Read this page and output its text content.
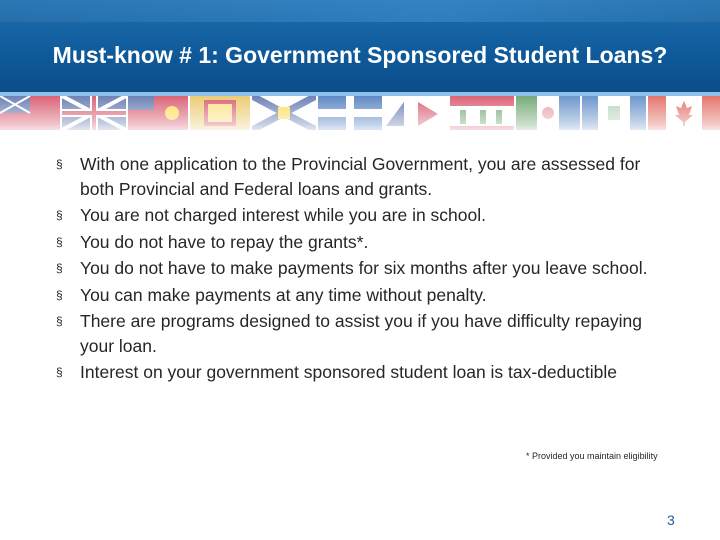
Must-know # 1: Government Sponsored Student Loans?
§ With one application to the Provincial Government, you are assessed for both Provincial and Federal loans and grants.
§ You are not charged interest while you are in school.
§ You do not have to repay the grants*.
§ You do not have to make payments for six months after you leave school.
§ You can make payments at any time without penalty.
§ There are programs designed to assist you if you have difficulty repaying your loan.
§ Interest on your government sponsored student loan is tax-deductible
* Provided you maintain eligibility
3
